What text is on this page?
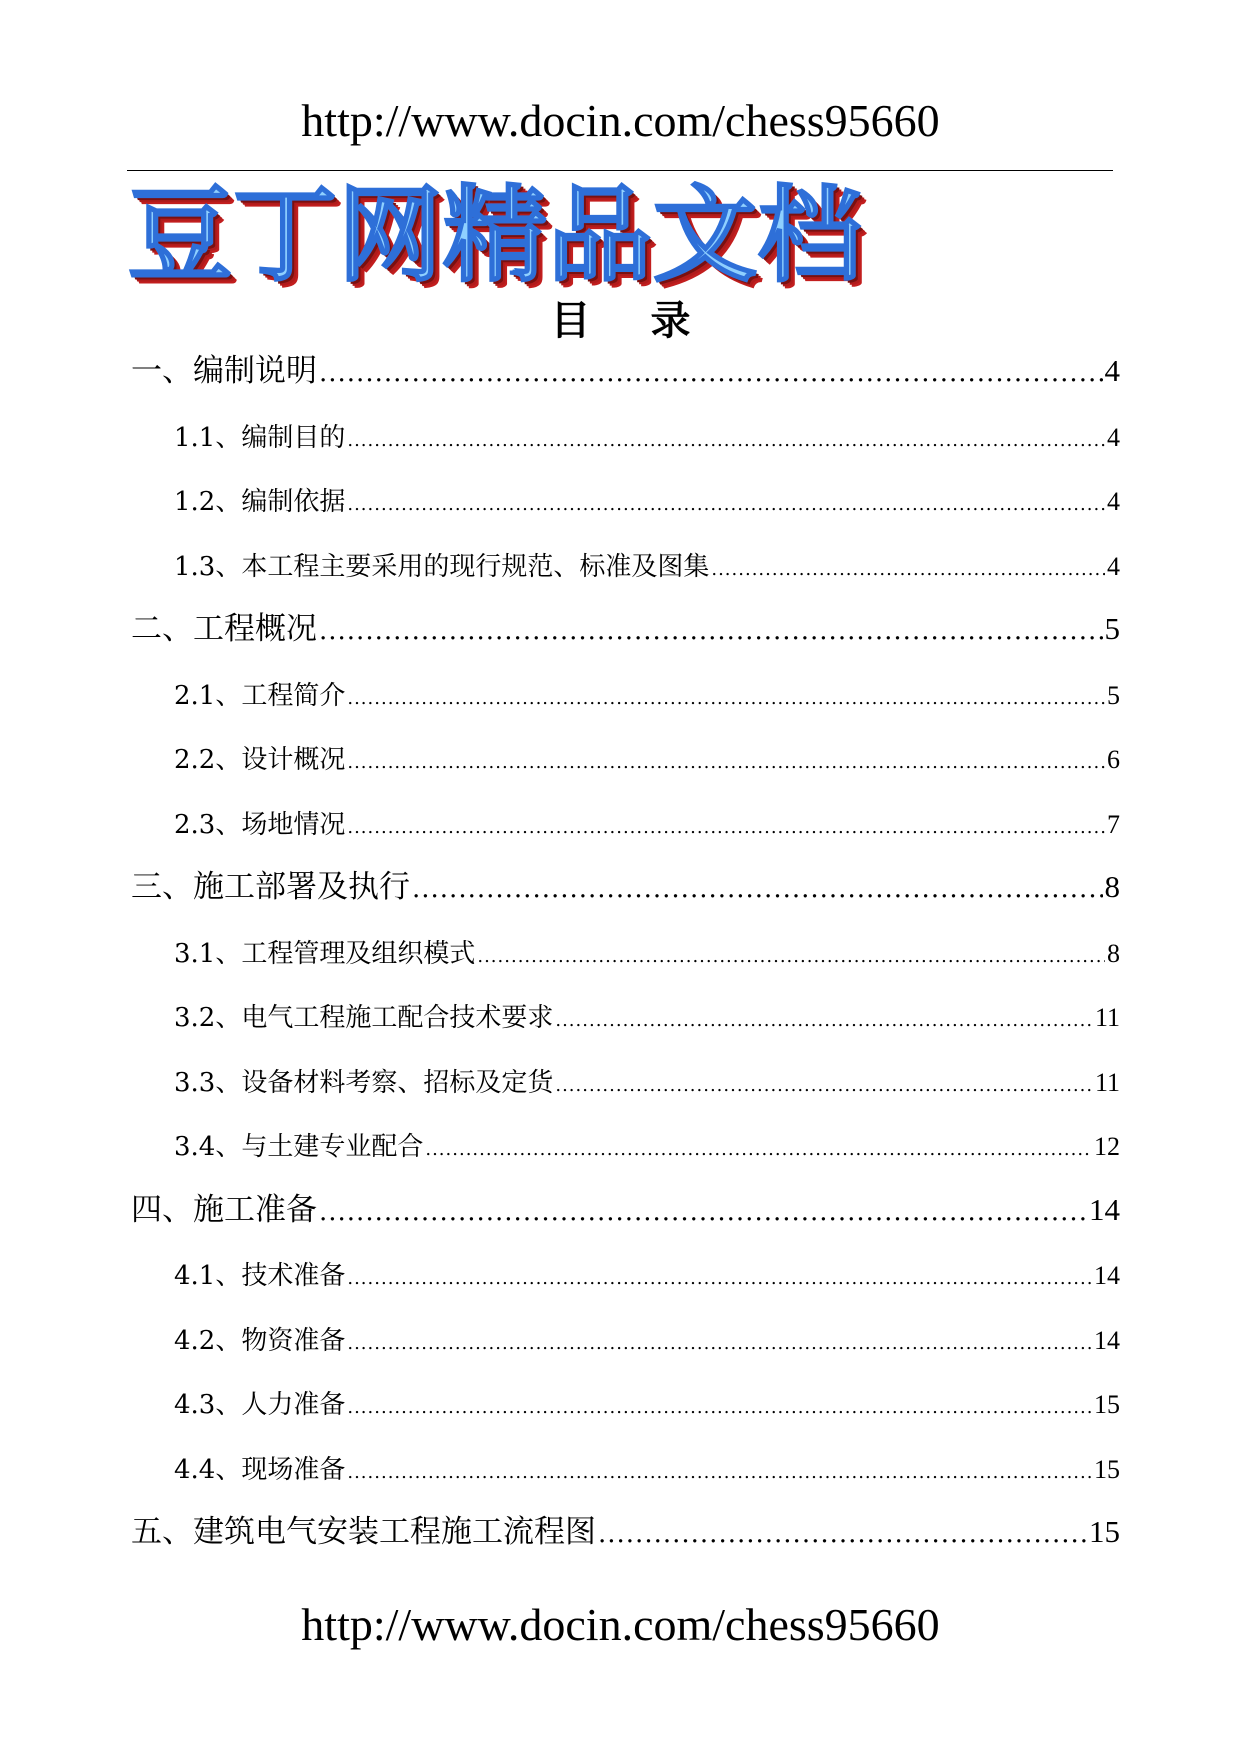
http://www.docin.com/chess95660
豆丁网精品文档
目录
一、编制说明 .....	4
1.1、编制目的 .....	4
1.2、编制依据 .....	4
1.3、本工程主要采用的现行规范、标准及图集 .....	4
二、工程概况 .....	5
2.1、工程简介 .....	5
2.2、设计概况 .....	6
2.3、场地情况 .....	7
三、施工部署及执行 .....	8
3.1、工程管理及组织模式 .....	8
3.2、电气工程施工配合技术要求 .....	11
3.3、设备材料考察、招标及定货 .....	11
3.4、与土建专业配合 .....	12
四、施工准备 .....	14
4.1、技术准备 .....	14
4.2、物资准备 .....	14
4.3、人力准备 .....	15
4.4、现场准备 .....	15
五、建筑电气安装工程施工流程图 .....	15
http://www.docin.com/chess95660
